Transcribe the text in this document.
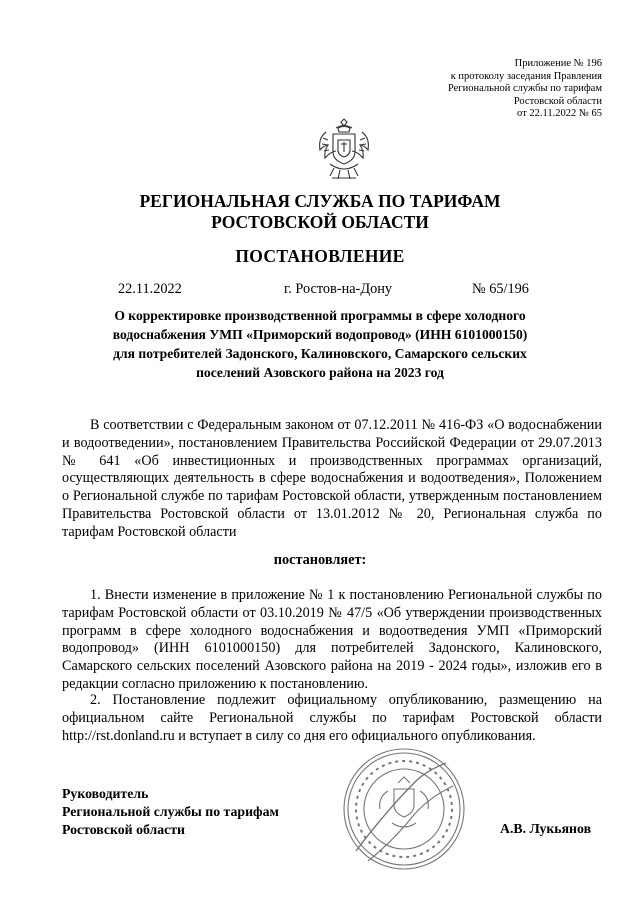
Приложение № 196
к протоколу заседания Правления
Региональной службы по тарифам
Ростовской области
от 22.11.2022 № 65
РЕГИОНАЛЬНАЯ СЛУЖБА ПО ТАРИФАМ
РОСТОВСКОЙ ОБЛАСТИ
ПОСТАНОВЛЕНИЕ
22.11.2022	г. Ростов-на-Дону	№ 65/196
О корректировке производственной программы в сфере холодного
водоснабжения УМП «Приморский водопровод» (ИНН 6101000150)
для потребителей Задонского, Калиновского, Самарского сельских
поселений Азовского района на 2023 год
В соответствии с Федеральным законом от 07.12.2011 № 416-ФЗ «О водоснабжении и водоотведении», постановлением Правительства Российской Федерации от 29.07.2013 № 641 «Об инвестиционных и производственных программах организаций, осуществляющих деятельность в сфере водоснабжения и водоотведения», Положением о Региональной службе по тарифам Ростовской области, утвержденным постановлением Правительства Ростовской области от 13.01.2012 № 20, Региональная служба по тарифам Ростовской области
постановляет:
1. Внести изменение в приложение № 1 к постановлению Региональной службы по тарифам Ростовской области от 03.10.2019 № 47/5 «Об утверждении производственных программ в сфере холодного водоснабжения и водоотведения УМП «Приморский водопровод» (ИНН 6101000150) для потребителей Задонского, Калиновского, Самарского сельских поселений Азовского района на 2019 - 2024 годы», изложив его в редакции согласно приложению к постановлению.
2. Постановление подлежит официальному опубликованию, размещению на официальном сайте Региональной службы по тарифам Ростовской области http://rst.donland.ru и вступает в силу со дня его официального опубликования.
Руководитель
Региональной службы по тарифам
Ростовской области	А.В. Лукьянов
